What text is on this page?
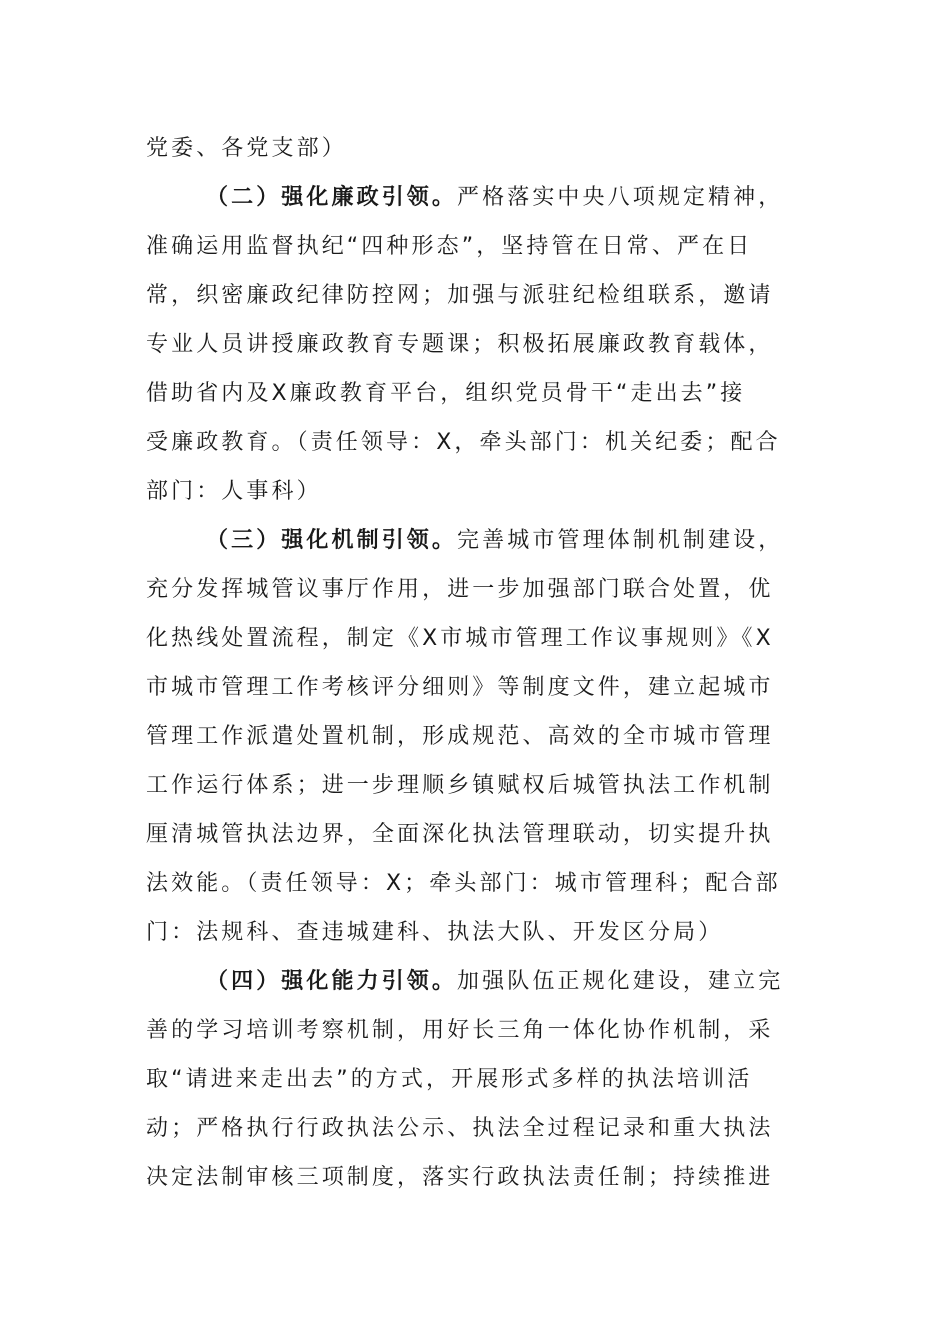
党委、各党支部）
（二）强化廉政引领。严格落实中央八项规定精神，
准确运用监督执纪“四种形态”，坚持管在日常、严在日
常，织密廉政纪律防控网；加强与派驻纪检组联系，邀请
专业人员讲授廉政教育专题课；积极拓展廉政教育载体，
借助省内及X廉政教育平台，组织党员骨干“走出去”接
受廉政教育。（责任领导：X，牵头部门：机关纪委；配合
部门：人事科）
（三）强化机制引领。完善城市管理体制机制建设，
充分发挥城管议事厅作用，进一步加强部门联合处置，优
化热线处置流程，制定《X市城市管理工作议事规则》《X
市城市管理工作考核评分细则》等制度文件，建立起城市
管理工作派遣处置机制，形成规范、高效的全市城市管理
工作运行体系；进一步理顺乡镇赋权后城管执法工作机制
厘清城管执法边界，全面深化执法管理联动，切实提升执
法效能。（责任领导：X；牵头部门：城市管理科；配合部
门：法规科、查违城建科、执法大队、开发区分局）
（四）强化能力引领。加强队伍正规化建设，建立完
善的学习培训考察机制，用好长三角一体化协作机制，采
取“请进来走出去”的方式，开展形式多样的执法培训活
动；严格执行行政执法公示、执法全过程记录和重大执法
决定法制审核三项制度，落实行政执法责任制；持续推进
